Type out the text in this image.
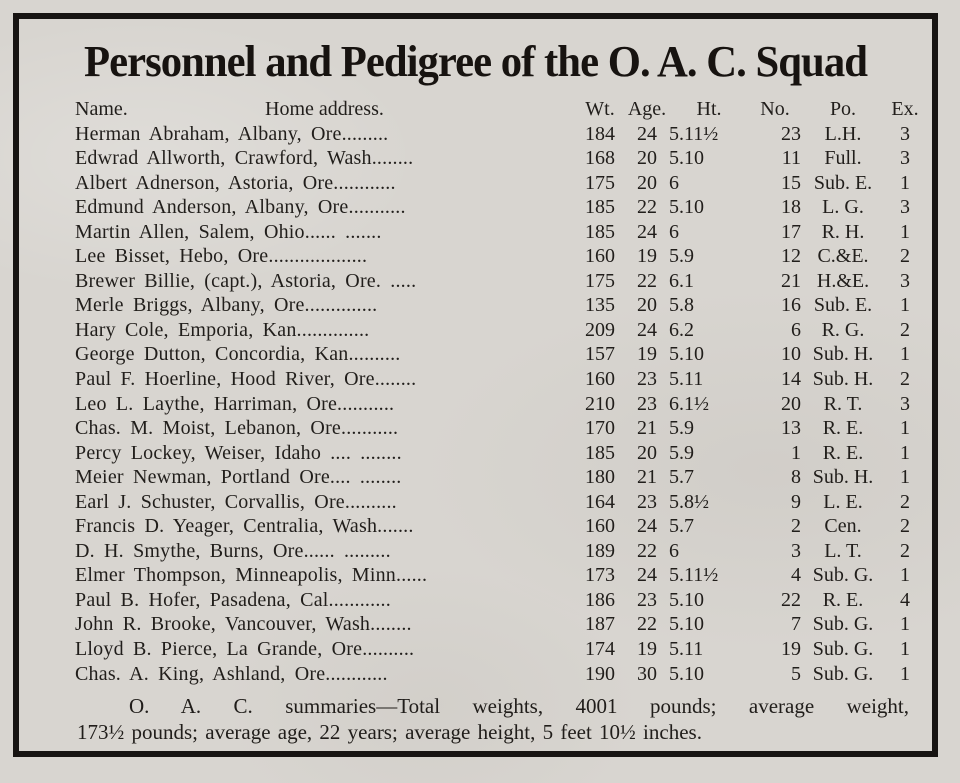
Personnel and Pedigree of the O. A. C. Squad
Name. Home address.	Wt.	Age.	Ht.	No.	Po.	Ex.
Herman Abraham, Albany, Ore.........	184	24	5.11½	23	L.H.	3
Edwrad Allworth, Crawford, Wash........	168	20	5.10	11	Full.	3
Albert Adnerson, Astoria, Ore............	175	20	6	15	Sub. E.	1
Edmund Anderson, Albany, Ore...........	185	22	5.10	18	L. G.	3
Martin Allen, Salem, Ohio...... .......	185	24	6	17	R. H.	1
Lee Bisset, Hebo, Ore...................	160	19	5.9	12	C.&E.	2
Brewer Billie, (capt.), Astoria, Ore. .....	175	22	6.1	21	H.&E.	3
Merle Briggs, Albany, Ore..............	135	20	5.8	16	Sub. E.	1
Hary Cole, Emporia, Kan..............	209	24	6.2	6	R. G.	2
George Dutton, Concordia, Kan..........	157	19	5.10	10	Sub. H.	1
Paul F. Hoerline, Hood River, Ore........	160	23	5.11	14	Sub. H.	2
Leo L. Laythe, Harriman, Ore...........	210	23	6.1½	20	R. T.	3
Chas. M. Moist, Lebanon, Ore...........	170	21	5.9	13	R. E.	1
Percy Lockey, Weiser, Idaho .... ........	185	20	5.9	1	R. E.	1
Meier Newman, Portland Ore.... ........	180	21	5.7	8	Sub. H.	1
Earl J. Schuster, Corvallis, Ore..........	164	23	5.8½	9	L. E.	2
Francis D. Yeager, Centralia, Wash.......	160	24	5.7	2	Cen.	2
D. H. Smythe, Burns, Ore...... .........	189	22	6	3	L. T.	2
Elmer Thompson, Minneapolis, Minn......	173	24	5.11½	4	Sub. G.	1
Paul B. Hofer, Pasadena, Cal............	186	23	5.10	22	R. E.	4
John R. Brooke, Vancouver, Wash........	187	22	5.10	7	Sub. G.	1
Lloyd B. Pierce, La Grande, Ore..........	174	19	5.11	19	Sub. G.	1
Chas. A. King, Ashland, Ore............	190	30	5.10	5	Sub. G.	1
O. A. C. summaries—Total weights, 4001 pounds; average weight,
173½ pounds; average age, 22 years; average height, 5 feet 10½ inches.
